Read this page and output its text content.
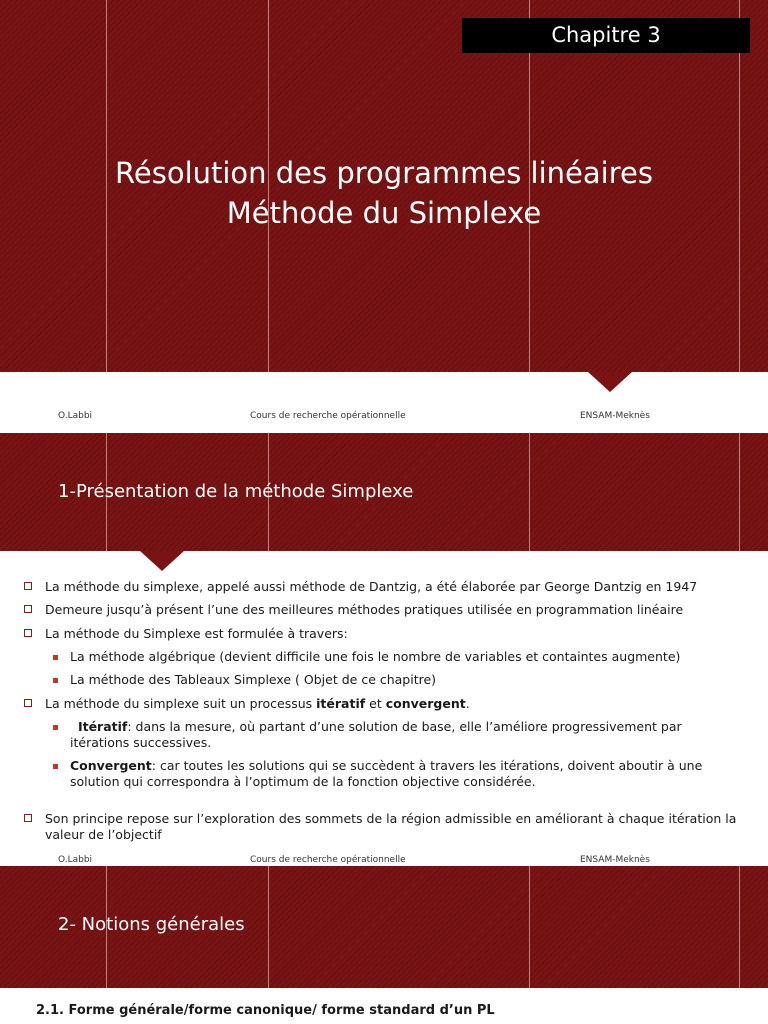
Chapitre 3
Résolution des programmes linéaires
Méthode du Simplexe
O.Labbi	Cours de recherche opérationnelle	ENSAM-Meknès
1-Présentation de la méthode Simplexe
La méthode du simplexe, appelé aussi méthode de Dantzig, a été élaborée par George Dantzig en 1947
Demeure jusqu’à présent l’une des meilleures méthodes pratiques utilisée en programmation linéaire
La méthode du Simplexe est formulée à travers:
La méthode algébrique (devient difficile une fois le nombre de variables et containtes augmente)
La méthode des Tableaux Simplexe ( Objet de ce chapitre)
La méthode du simplexe suit un processus itératif et convergent.
Itératif: dans la mesure, où partant d’une solution de base, elle l’améliore progressivement par itérations successives.
Convergent: car toutes les solutions qui se succèdent à travers les itérations, doivent aboutir à une solution qui correspondra à l’optimum de la fonction objective considérée.
Son principe repose sur l’exploration des sommets de la région admissible en améliorant à chaque itération la valeur de l’objectif
O.Labbi	Cours de recherche opérationnelle	ENSAM-Meknès
2- Notions générales
2.1. Forme générale/forme canonique/ forme standard d’un PL
